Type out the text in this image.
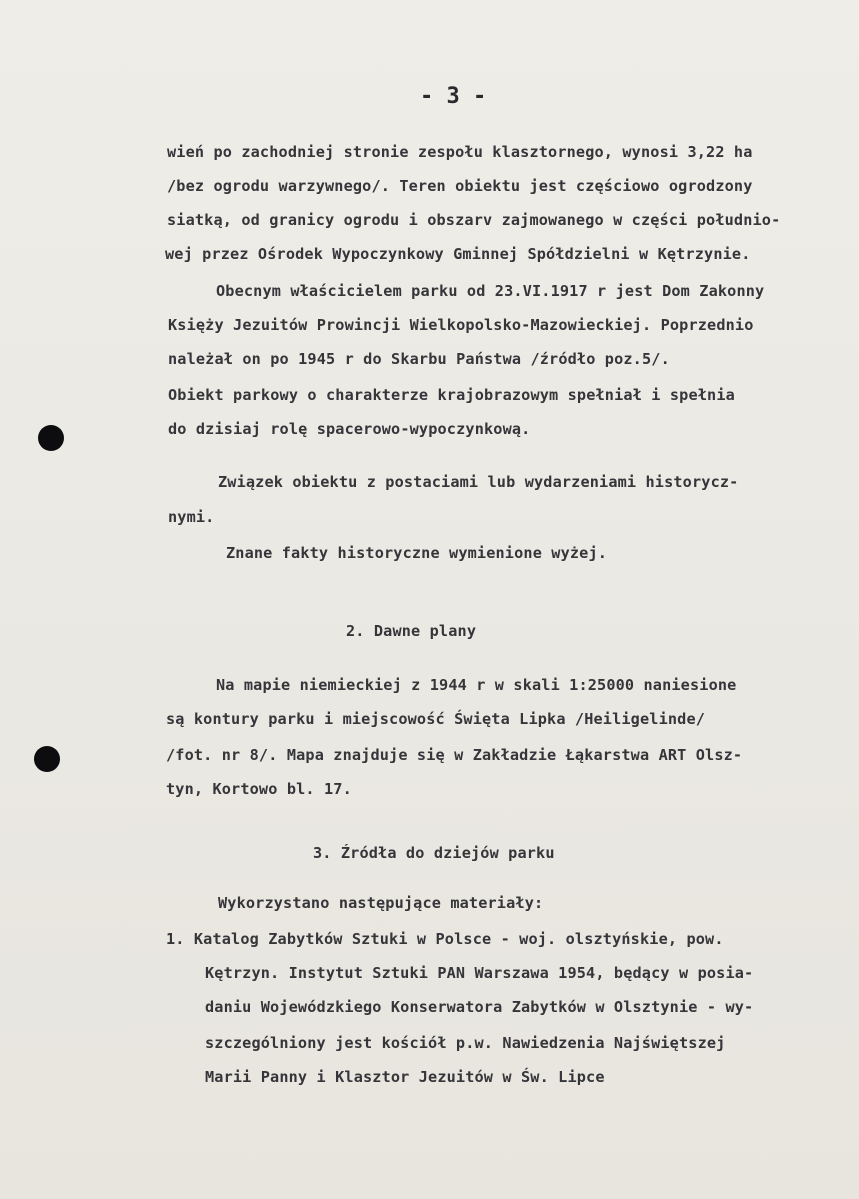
- 3 -
wień po zachodniej stronie zespołu klasztornego, wynosi 3,22 ha
/bez ogrodu warzywnego/. Teren obiektu jest częściowo ogrodzony
siatką, od granicy ogrodu i obszarv zajmowanego w części południo-
wej przez Ośrodek Wypoczynkowy Gminnej Spółdzielni w Kętrzynie.
Obecnym właścicielem parku od 23.VI.1917 r jest Dom Zakonny
Księży Jezuitów Prowincji Wielkopolsko-Mazowieckiej. Poprzednio
należał on po 1945 r do Skarbu Państwa /źródło poz.5/.
Obiekt parkowy o charakterze krajobrazowym spełniał i spełnia
do dzisiaj rolę spacerowo-wypoczynkową.
Związek obiektu z postaciami lub wydarzeniami historycz-
nymi.
Znane fakty historyczne wymienione wyżej.
2. Dawne plany
Na mapie niemieckiej z 1944 r w skali 1:25000 naniesione
są kontury parku i miejscowość Święta Lipka /Heiligelinde/
/fot. nr 8/. Mapa znajduje się w Zakładzie Łąkarstwa ART Olsz-
tyn, Kortowo bl. 17.
3. Źródła do dziejów parku
Wykorzystano następujące materiały:
1. Katalog Zabytków Sztuki w Polsce - woj. olsztyńskie, pow.
Kętrzyn. Instytut Sztuki PAN Warszawa 1954, będący w posia-
daniu Wojewódzkiego Konserwatora Zabytków w Olsztynie - wy-
szczególniony jest kościół p.w. Nawiedzenia Najświętszej
Marii Panny i Klasztor Jezuitów w Św. Lipce
